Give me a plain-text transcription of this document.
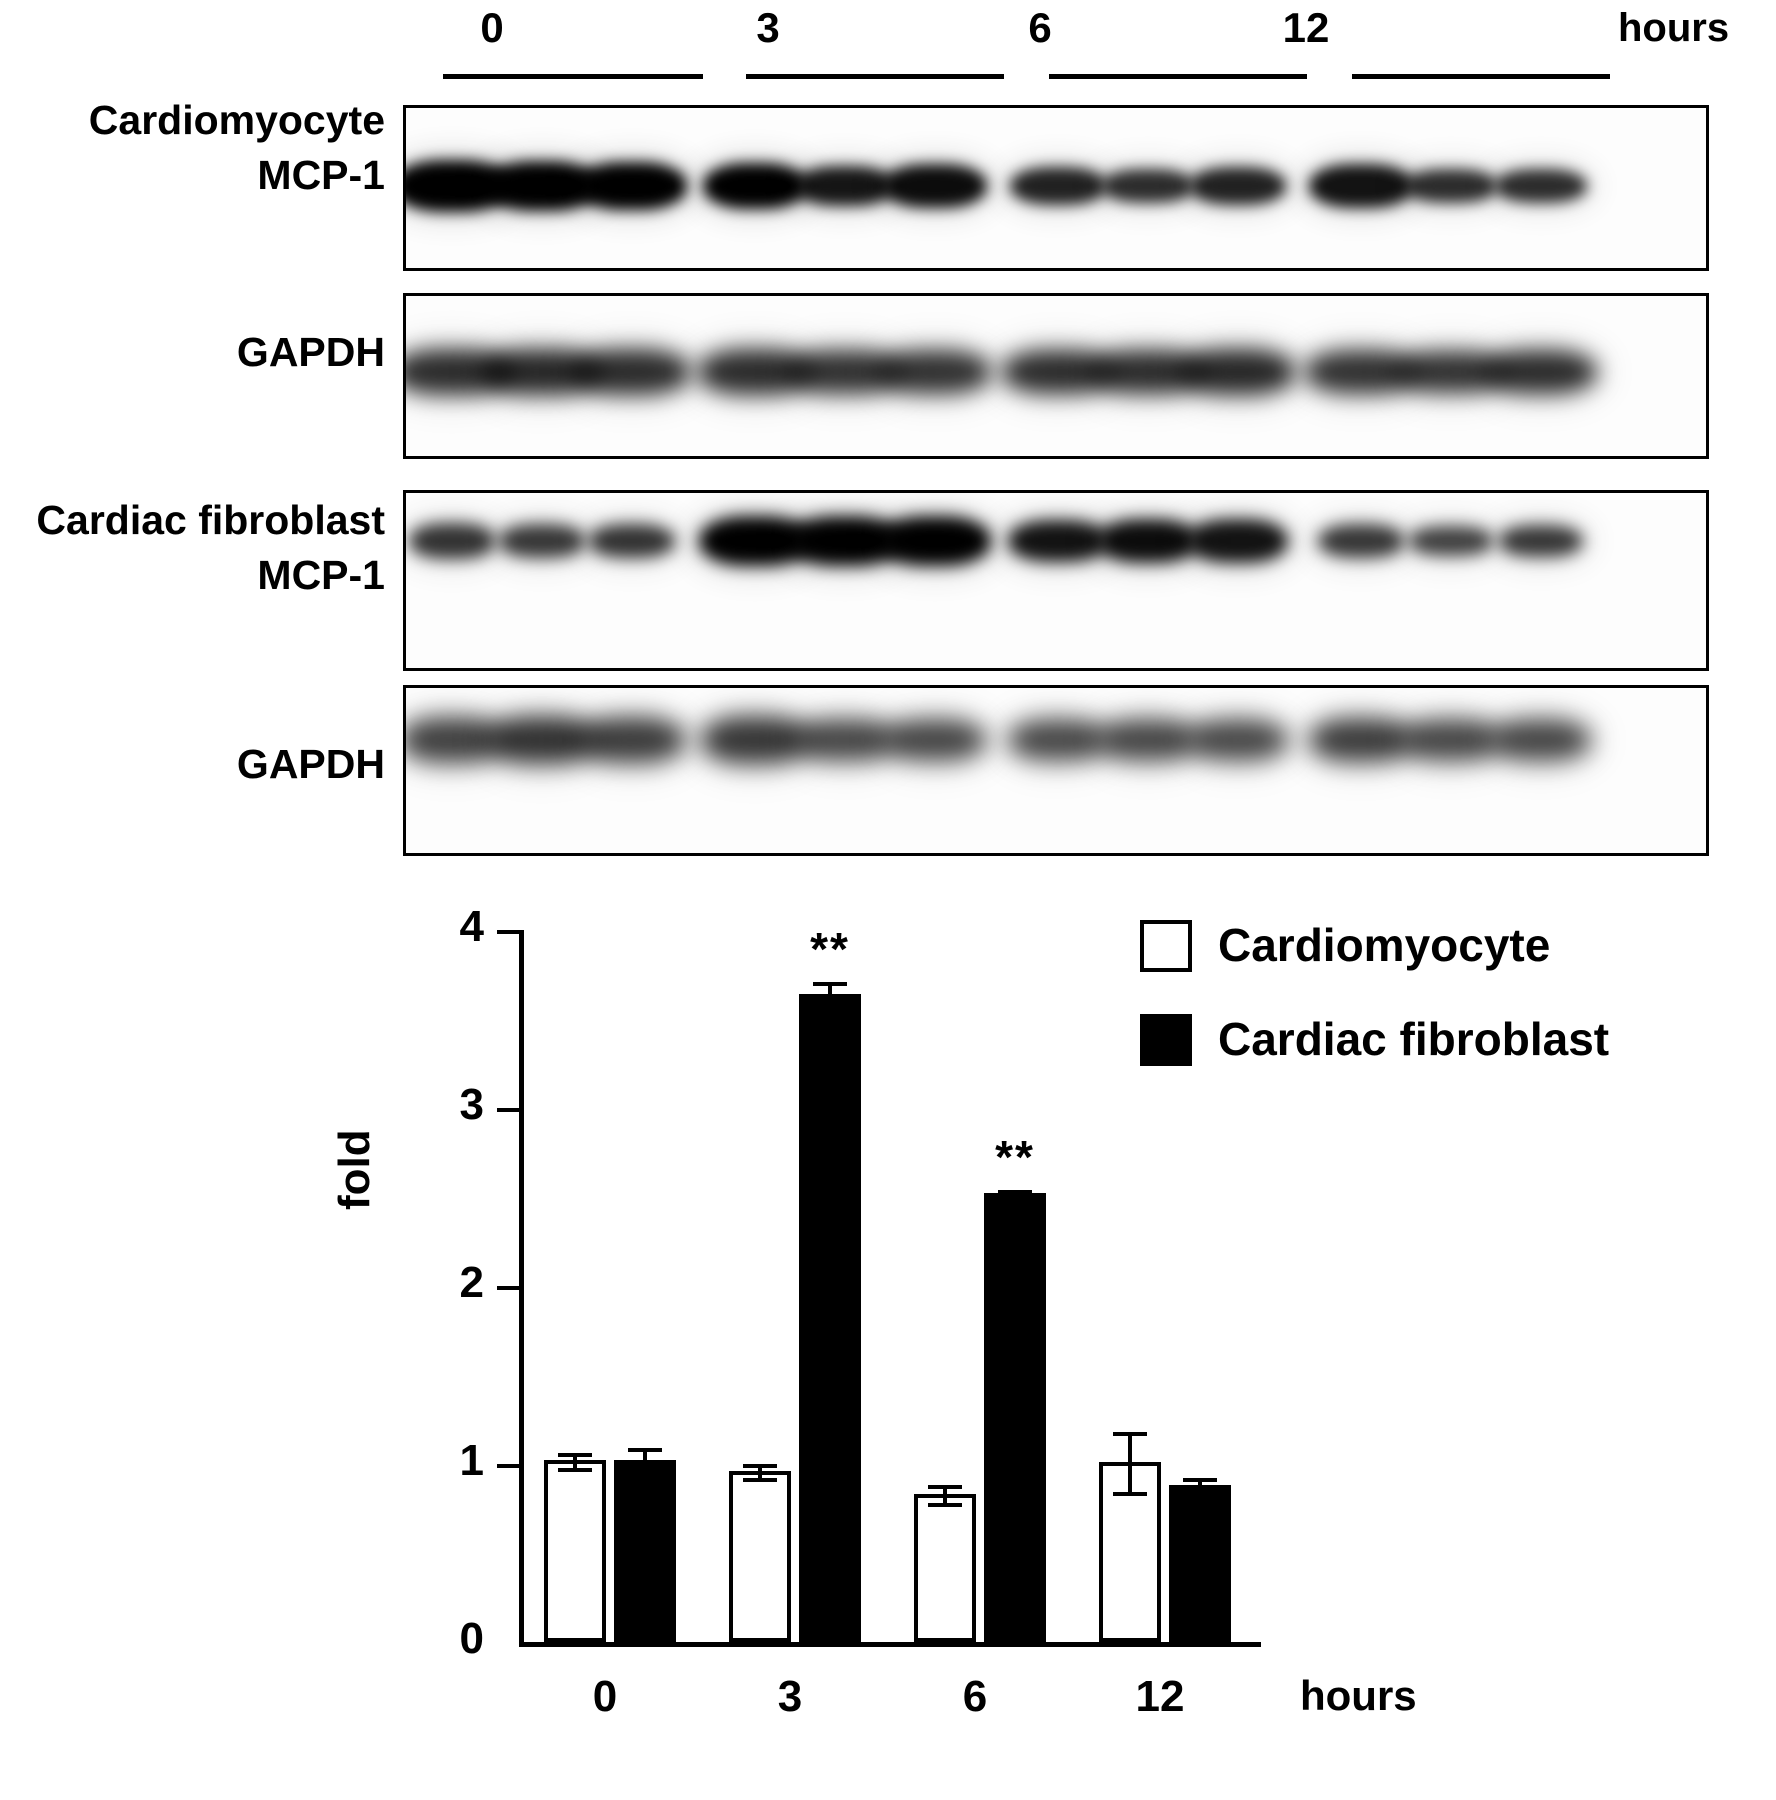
0	3	6	12	hours
Cardiomyocyte
MCP-1
GAPDH
Cardiac fibroblast
MCP-1
GAPDH
4
3
2
1
0
fold
**
**
0	3	6	12	hours
Cardiomyocyte
Cardiac fibroblast
